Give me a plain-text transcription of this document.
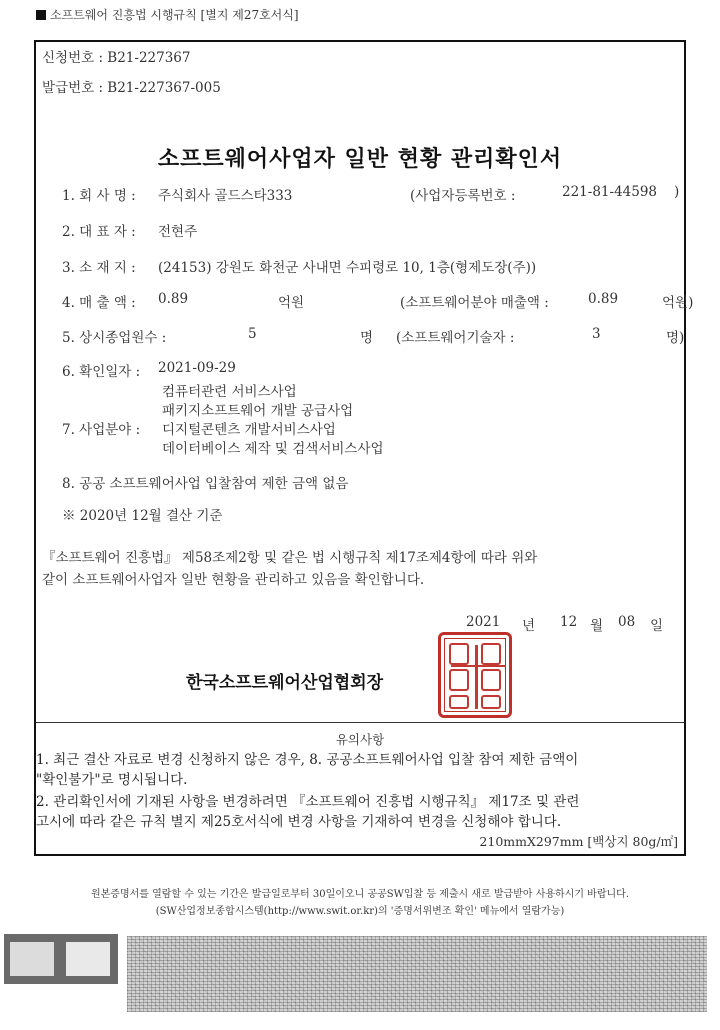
소프트웨어 진흥법 시행규칙 [별지 제27호서식]
신청번호 : B21-227367
발급번호 : B21-227367-005
소프트웨어사업자 일반 현황 관리확인서
1. 회 사 명 : 주식회사 골드스타333	(사업자등록번호 :	221-81-44598 )
2. 대 표 자 : 전현주
3. 소 재 지 : (24153) 강원도 화천군 사내면 수피령로 10, 1층(형제도장(주))
4. 매 출 액 : 0.89	억원	(소프트웨어분야 매출액 :	0.89	억원)
5. 상시종업원수 :	5	명 (소프트웨어기술자 :	3	명)
6. 확인일자 : 2021-09-29
컴퓨터관련 서비스사업
패키지소프트웨어 개발 공급사업
7. 사업분야 : 디지털콘텐츠 개발서비스사업
데이터베이스 제작 및 검색서비스사업
8. 공공 소프트웨어사업 입찰참여 제한 금액 없음
※ 2020년 12월 결산 기준
『소프트웨어 진흥법』 제58조제2항 및 같은 법 시행규칙 제17조제4항에 따라 위와
같이 소프트웨어사업자 일반 현황을 관리하고 있음을 확인합니다.
2021 년 12 월 08 일
한국소프트웨어산업협회장
유의사항
1. 최근 결산 자료로 변경 신청하지 않은 경우, 8. 공공소프트웨어사업 입찰 참여 제한 금액이
"확인불가"로 명시됩니다.
2. 관리확인서에 기재된 사항을 변경하려면 『소프트웨어 진흥법 시행규칙』 제17조 및 관련
고시에 따라 같은 규칙 별지 제25호서식에 변경 사항을 기재하여 변경을 신청해야 합니다.
210mmX297mm [백상지 80g/㎡]
원본증명서를 열람할 수 있는 기간은 발급일로부터 30일이오니 공공SW입찰 등 제출시 새로 발급받아 사용하시기 바랍니다.
(SW산업정보종합시스템(http://www.swit.or.kr)의 '증명서위변조 확인' 메뉴에서 열람가능)
